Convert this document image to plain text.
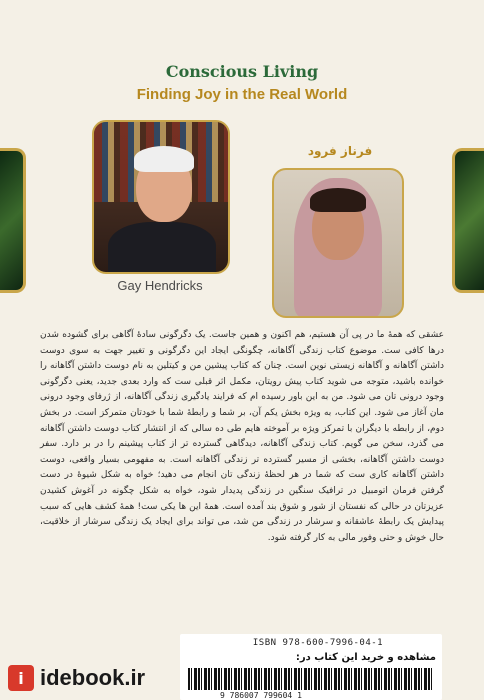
Conscious Living
Finding Joy in the Real World
Gay Hendricks
فرناز فرود

عشقی که همهٔ ما در پی آن هستیم، هم اکنون و همین جاست. یک دگرگونی سادهٔ آگاهی برای گشوده شدن درها کافی ست. موضوع کتاب زندگی آگاهانه، چگونگی ایجاد این دگرگونی و تغییر جهت به سوی دوست داشتن آگاهانه و آگاهانه زیستی نوین است. چنان که کتاب پیشین من و کیتلین به نام دوست داشتن آگاهانه را خوانده باشید، متوجه می شوید کتاب پیش رویتان، مکمل اثر قبلی ست که وارد بعدی جدید، یعنی دگرگونی وجود درونی تان می شود. من به این باور رسیده ام که فرایند یادگیری زندگی آگاهانه، از ژرفای وجود درونی مان آغاز می شود. این کتاب، به ویژه بخش یکم آن، بر شما و رابطهٔ شما با خودتان متمرکز است. در بخش دوم، از رابطه با دیگران با تمرکز ویژه بر آموخته هایم طی ده سالی که از انتشار کتاب دوست داشتن آگاهانه می گذرد، سخن می گویم. کتاب زندگی آگاهانه، دیدگاهی گسترده تر از کتاب پیشینم را در بر دارد. سفر دوست داشتن آگاهانه، بخشی از مسیر گسترده تر زندگی آگاهانه است. به مفهومی بسیار واقعی، دوست داشتن آگاهانه کاری ست که شما در هر لحظهٔ زندگی تان انجام می دهید؛ خواه به شکل شیوهٔ در دست گرفتن فرمان اتومبیل در ترافیک سنگین در زندگی پدیدار شود، خواه به شکل چگونه در آغوش کشیدن عزیزتان در حالی که نفستان از شور و شوق بند آمده است. همهٔ این ها یکی ست! همهٔ کشف هایی که سبب پیدایش یک رابطهٔ عاشقانه و سرشار در زندگی من شد، می تواند برای ایجاد یک زندگی سرشار از خلاقیت، حال خوش و حتی وفور مالی به کار گرفته شود.

ISBN 978-600-7996-04-1
مشاهده و خرید این کتاب در:
9 786007 799604 1
i idebook.ir
